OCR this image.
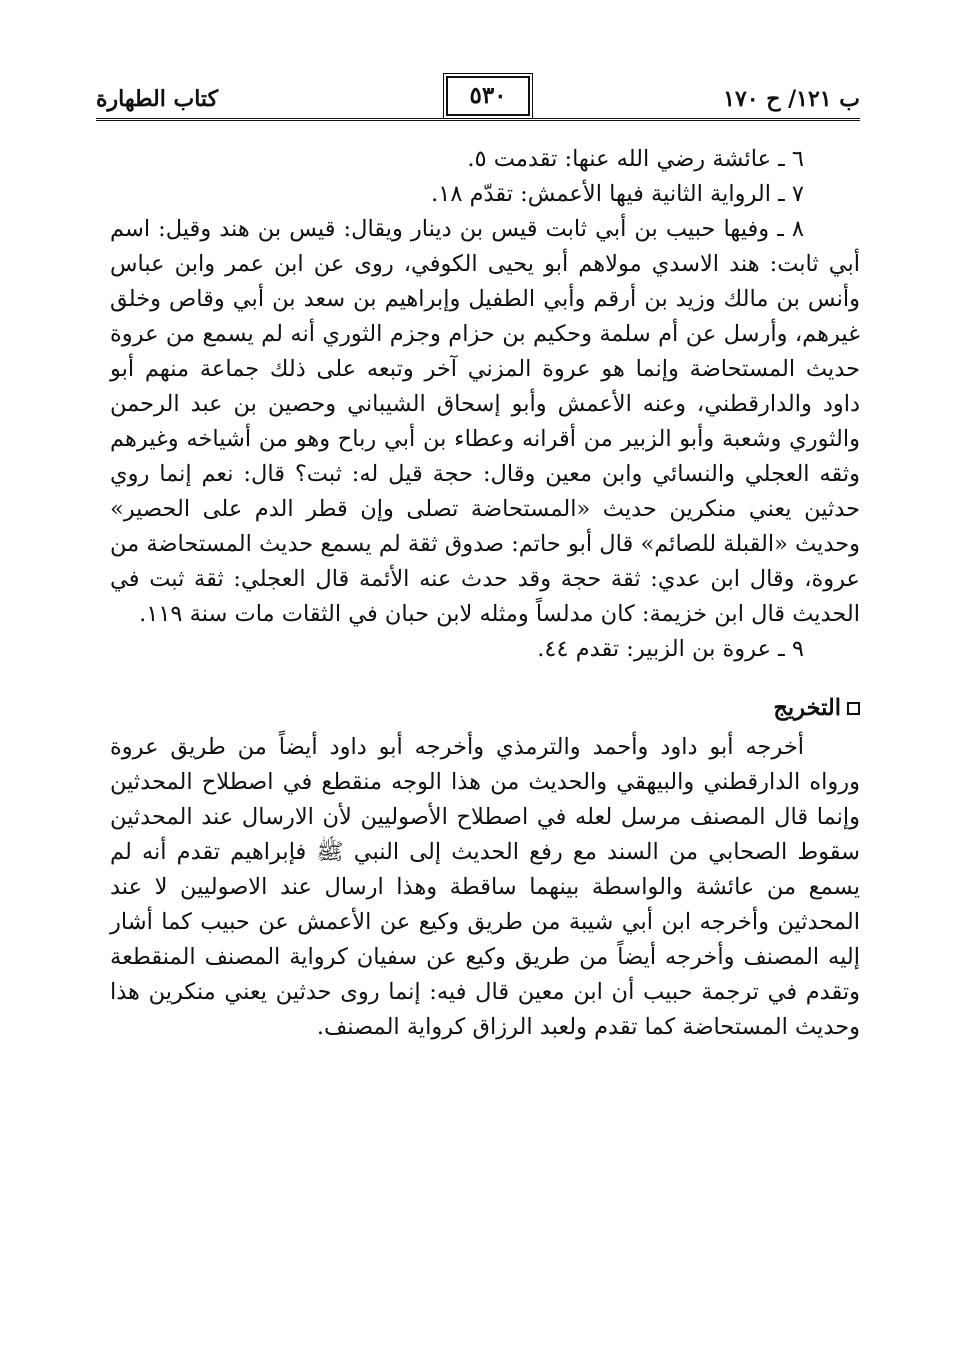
ب ١٢١/ ح ١٧٠
٥٣٠
كتاب الطهارة

٦ ـ عائشة رضي الله عنها: تقدمت ٥.

٧ ـ الرواية الثانية فيها الأعمش: تقدّم ١٨.

٨ ـ وفيها حبيب بن أبي ثابت قيس بن دينار ويقال: قيس بن هند وقيل: اسم أبي ثابت: هند الاسدي مولاهم أبو يحيى الكوفي، روى عن ابن عمر وابن عباس وأنس بن مالك وزيد بن أرقم وأبي الطفيل وإبراهيم بن سعد بن أبي وقاص وخلق غيرهم، وأرسل عن أم سلمة وحكيم بن حزام وجزم الثوري أنه لم يسمع من عروة حديث المستحاضة وإنما هو عروة المزني آخر وتبعه على ذلك جماعة منهم أبو داود والدارقطني، وعنه الأعمش وأبو إسحاق الشيباني وحصين بن عبد الرحمن والثوري وشعبة وأبو الزبير من أقرانه وعطاء بن أبي رباح وهو من أشياخه وغيرهم وثقه العجلي والنسائي وابن معين وقال: حجة قيل له: ثبت؟ قال: نعم إنما روي حدثين يعني منكرين حديث «المستحاضة تصلى وإن قطر الدم على الحصير» وحديث «القبلة للصائم» قال أبو حاتم: صدوق ثقة لم يسمع حديث المستحاضة من عروة، وقال ابن عدي: ثقة حجة وقد حدث عنه الأئمة قال العجلي: ثقة ثبت في الحديث قال ابن خزيمة: كان مدلساً ومثله لابن حبان في الثقات مات سنة ١١٩.

٩ ـ عروة بن الزبير: تقدم ٤٤.

التخريج

أخرجه أبو داود وأحمد والترمذي وأخرجه أبو داود أيضاً من طريق عروة ورواه الدارقطني والبيهقي والحديث من هذا الوجه منقطع في اصطلاح المحدثين وإنما قال المصنف مرسل لعله في اصطلاح الأصوليين لأن الارسال عند المحدثين سقوط الصحابي من السند مع رفع الحديث إلى النبي ﷺ فإبراهيم تقدم أنه لم يسمع من عائشة والواسطة بينهما ساقطة وهذا ارسال عند الاصوليين لا عند المحدثين وأخرجه ابن أبي شيبة من طريق وكيع عن الأعمش عن حبيب كما أشار إليه المصنف وأخرجه أيضاً من طريق وكيع عن سفيان كرواية المصنف المنقطعة وتقدم في ترجمة حبيب أن ابن معين قال فيه: إنما روى حدثين يعني منكرين هذا وحديث المستحاضة كما تقدم ولعبد الرزاق كرواية المصنف.
